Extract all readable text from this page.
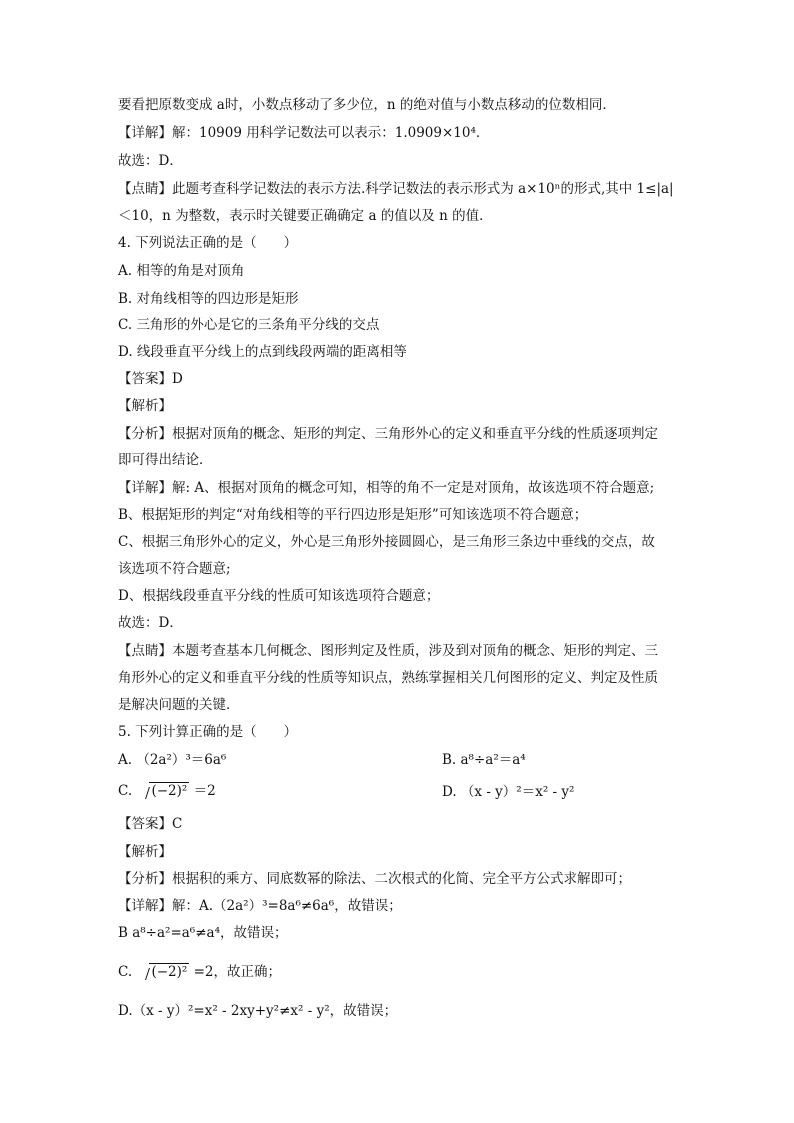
要看把原数变成 a时，小数点移动了多少位，n 的绝对值与小数点移动的位数相同．
【详解】解：10909 用科学记数法可以表示：1.0909×10⁴．
故选：D．
【点睛】此题考查科学记数法的表示方法.科学记数法的表示形式为 a×10ⁿ的形式,其中 1≤|a|
＜10，n 为整数，表示时关键要正确确定 a 的值以及 n 的值．
4. 下列说法正确的是（　　）
A. 相等的角是对顶角
B. 对角线相等的四边形是矩形
C. 三角形的外心是它的三条角平分线的交点
D. 线段垂直平分线上的点到线段两端的距离相等
【答案】D
【解析】
【分析】根据对顶角的概念、矩形的判定、三角形外心的定义和垂直平分线的性质逐项判定
即可得出结论．
【详解】解: A、根据对顶角的概念可知，相等的角不一定是对顶角，故该选项不符合题意;
B、根据矩形的判定“对角线相等的平行四边形是矩形”可知该选项不符合题意；
C、根据三角形外心的定义，外心是三角形外接圆圆心，是三角形三条边中垂线的交点，故
该选项不符合题意;
D、根据线段垂直平分线的性质可知该选项符合题意；
故选：D．
【点睛】本题考查基本几何概念、图形判定及性质，涉及到对顶角的概念、矩形的判定、三
角形外心的定义和垂直平分线的性质等知识点，熟练掌握相关几何图形的定义、判定及性质
是解决问题的关键．
5. 下列计算正确的是（　　）
A. （2a²）³＝6a⁶	B. a⁸÷a²＝a⁴
C. (−2)² ＝2	D. （x - y）²＝x² - y²
【答案】C
【解析】
【分析】根据积的乘方、同底数幂的除法、二次根式的化简、完全平方公式求解即可；
【详解】解：A.（2a²）³=8a⁶≠6a⁶，故错误；
B a⁸÷a²=a⁶≠a⁴，故错误；
C. (−2)² =2，故正确；
D.（x - y）²=x² - 2xy+y²≠x² - y²，故错误；
